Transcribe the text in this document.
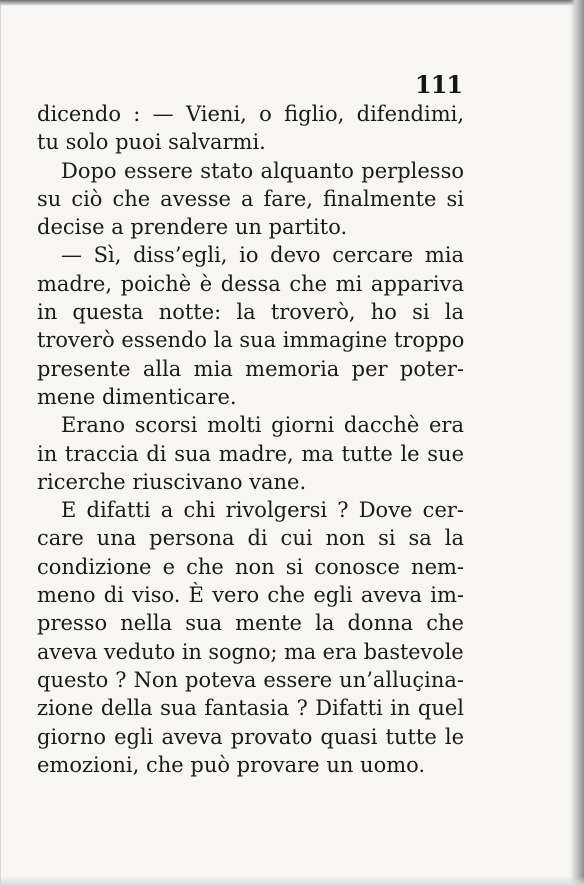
111
dicendo : — Vieni, o figlio, difendimi,
tu solo puoi salvarmi.
Dopo essere stato alquanto perplesso
su ciò che avesse a fare, finalmente si
decise a prendere un partito.
— Sì, diss’egli, io devo cercare mia
madre, poichè è dessa che mi appariva
in questa notte: la troverò, ho si la
troverò essendo la sua immagine troppo
presente alla mia memoria per poter-
mene dimenticare.
Erano scorsi molti giorni dacchè era
in traccia di sua madre, ma tutte le sue
ricerche riuscivano vane.
E difatti a chi rivolgersi ? Dove cer-
care una persona di cui non si sa la
condizione e che non si conosce nem-
meno di viso. È vero che egli aveva im-
presso nella sua mente la donna che
aveva veduto in sogno; ma era bastevole
questo ? Non poteva essere un’alluçina-
zione della sua fantasia ? Difatti in quel
giorno egli aveva provato quasi tutte le
emozioni, che può provare un uomo.
